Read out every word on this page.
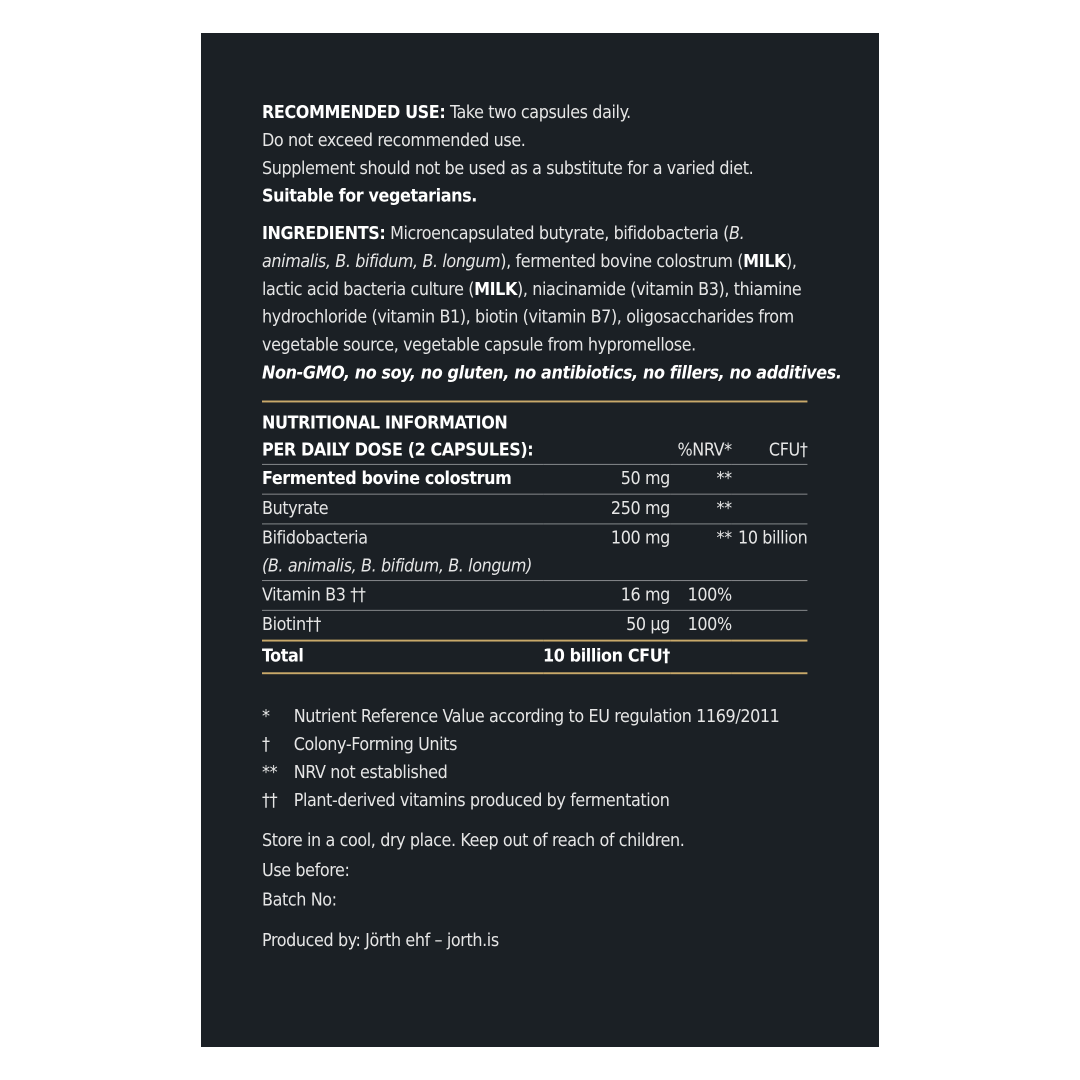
RECOMMENDED USE: Take two capsules daily.
Do not exceed recommended use.
Supplement should not be used as a substitute for a varied diet.
Suitable for vegetarians.
INGREDIENTS: Microencapsulated butyrate, bifidobacteria (B. animalis, B. bifidum, B. longum), fermented bovine colostrum (MILK), lactic acid bacteria culture (MILK), niacinamide (vitamin B3), thiamine hydrochloride (vitamin B1), biotin (vitamin B7), oligosaccharides from vegetable source, vegetable capsule from hypromellose.
Non-GMO, no soy, no gluten, no antibiotics, no fillers, no additives.
NUTRITIONAL INFORMATION			
PER DAILY DOSE (2 CAPSULES):		%NRV*	CFU†
Fermented bovine colostrum	50 mg	**	
Butyrate	250 mg	**	

Bifidobacteria
(B. animalis, B. bifidum, B. longum)	100 mg	**	10 billion
Vitamin B3 ††	16 mg	100%	
Biotin††	50 µg	100%	
Total	10 billion CFU†		
*	Nutrient Reference Value according to EU regulation 1169/2011
†	Colony-Forming Units
** NRV not established
†† Plant-derived vitamins produced by fermentation
Store in a cool, dry place. Keep out of reach of children.
Use before:
Batch No:
Produced by: Jörth ehf – jorth.is
